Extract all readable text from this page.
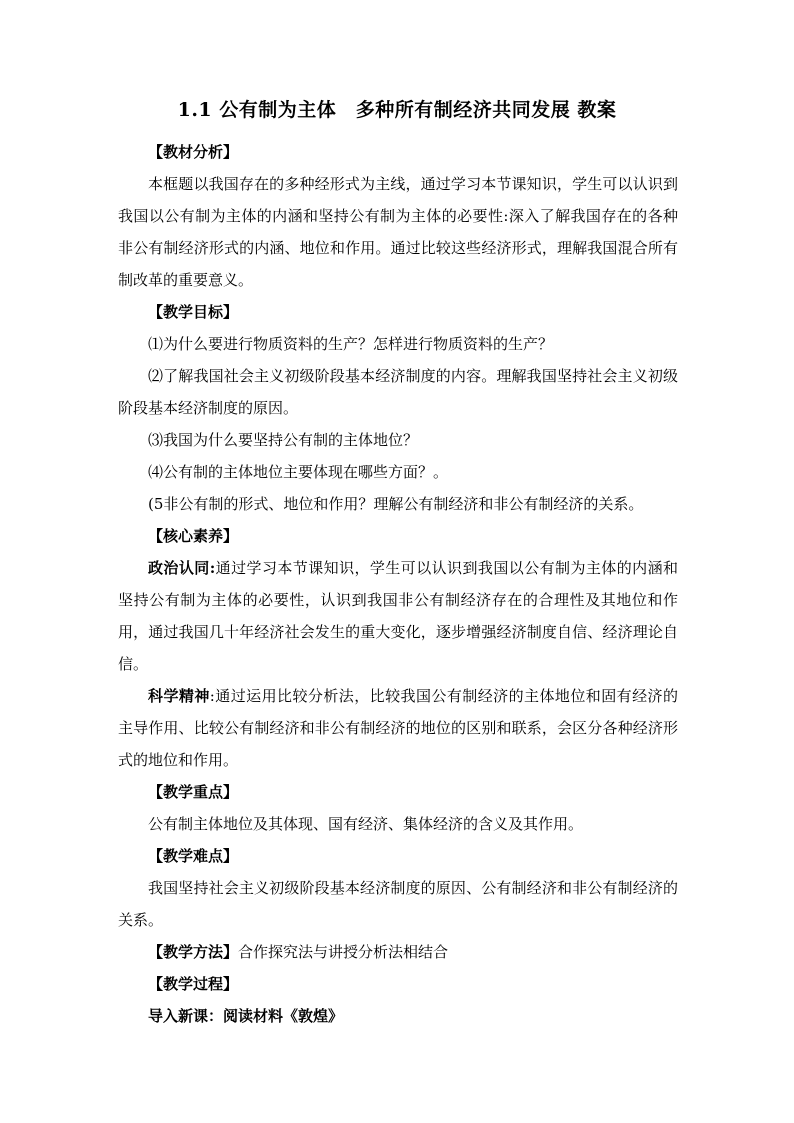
1.1 公有制为主体　多种所有制经济共同发展 教案

【教材分析】

本框题以我国存在的多种经形式为主线，通过学习本节课知识，学生可以认识到我国以公有制为主体的内涵和坚持公有制为主体的必要性:深入了解我国存在的各种非公有制经济形式的内涵、地位和作用。通过比较这些经济形式，理解我国混合所有制改革的重要意义。

【教学目标】

⑴为什么要进行物质资料的生产？怎样进行物质资料的生产？

⑵了解我国社会主义初级阶段基本经济制度的内容。理解我国坚持社会主义初级阶段基本经济制度的原因。

⑶我国为什么要坚持公有制的主体地位？

⑷公有制的主体地位主要体现在哪些方面？。

(5非公有制的形式、地位和作用？理解公有制经济和非公有制经济的关系。

【核心素养】

政治认同:通过学习本节课知识，学生可以认识到我国以公有制为主体的内涵和坚持公有制为主体的必要性，认识到我国非公有制经济存在的合理性及其地位和作用，通过我国几十年经济社会发生的重大变化，逐步增强经济制度自信、经济理论自信。

科学精神:通过运用比较分析法，比较我国公有制经济的主体地位和固有经济的主导作用、比较公有制经济和非公有制经济的地位的区别和联系，会区分各种经济形式的地位和作用。

【教学重点】

公有制主体地位及其体现、国有经济、集体经济的含义及其作用。

【教学难点】

我国坚持社会主义初级阶段基本经济制度的原因、公有制经济和非公有制经济的关系。

【教学方法】合作探究法与讲授分析法相结合

【教学过程】

导入新课：阅读材料《敦煌》
